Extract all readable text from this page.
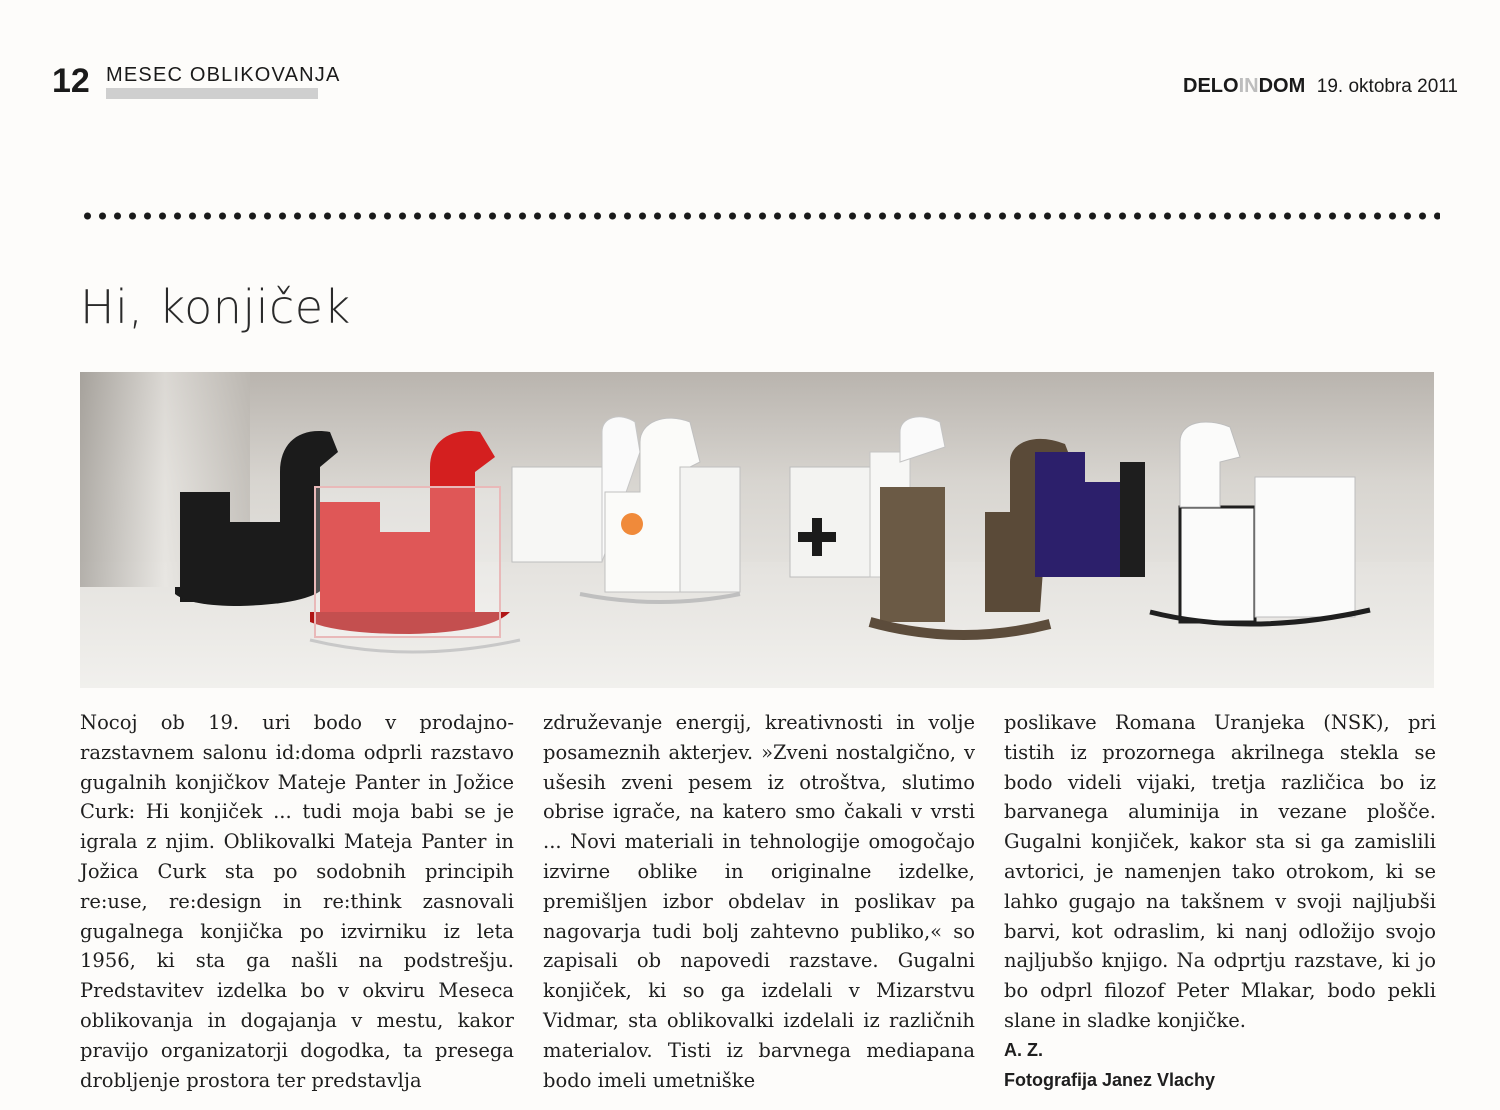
12 MESEC OBLIKOVANJA	DELOINDOM 19. oktobra 2011
Hi, konjiček

Nocoj ob 19. uri bodo v prodajno-razstavnem salonu id:doma odprli razstavo gugalnih konjičkov Mateje Panter in Jožice Curk: Hi konjiček ... tudi moja babi se je igrala z njim. Oblikovalki Mateja Panter in Jožica Curk sta po sodobnih principih re:use, re:design in re:think zasnovali gugalnega konjička po izvirniku iz leta 1956, ki sta ga našli na podstrešju. Predstavitev izdelka bo v okviru Meseca oblikovanja in dogajanja v mestu, kakor pravijo organizatorji dogodka, ta presega drobljenje prostora ter predstavlja

združevanje energij, kreativnosti in volje posameznih akterjev. »Zveni nostalgično, v ušesih zveni pesem iz otroštva, slutimo obrise igrače, na katero smo čakali v vrsti ... Novi materiali in tehnologije omogočajo izvirne oblike in originalne izdelke, premišljen izbor obdelav in poslikav pa nagovarja tudi bolj zahtevno publiko,« so zapisali ob napovedi razstave. Gugalni konjiček, ki so ga izdelali v Mizarstvu Vidmar, sta oblikovalki izdelali iz različnih materialov. Tisti iz barvnega mediapana bodo imeli umetniške

poslikave Romana Uranjeka (NSK), pri tistih iz prozornega akrilnega stekla se bodo videli vijaki, tretja različica bo iz barvanega aluminija in vezane plošče. Gugalni konjiček, kakor sta si ga zamislili avtorici, je namenjen tako otrokom, ki se lahko gugajo na takšnem v svoji najljubši barvi, kot odraslim, ki nanj odložijo svojo najljubšo knjigo. Na odprtju razstave, ki jo bo odprl filozof Peter Mlakar, bodo pekli slane in sladke konjičke.

A. Z.
Fotografija Janez Vlachy
